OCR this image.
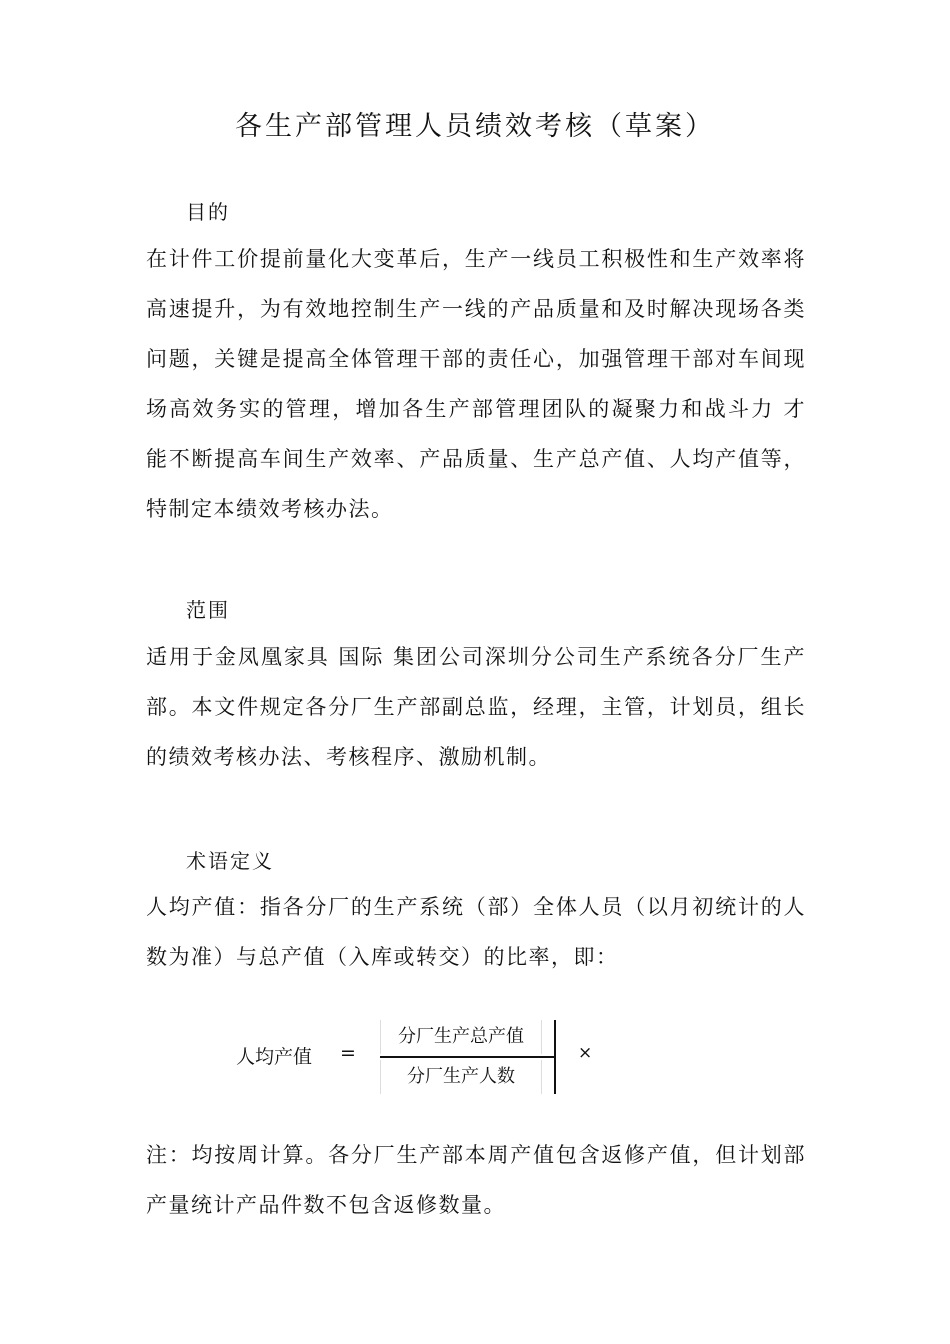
各生产部管理人员绩效考核（草案）
目的

在计件工价提前量化大变革后，生产一线员工积极性和生产效率将高速提升，为有效地控制生产一线的产品质量和及时解决现场各类问题，关键是提高全体管理干部的责任心，加强管理干部对车间现场高效务实的管理，增加各生产部管理团队的凝聚力和战斗力 才能不断提高车间生产效率、产品质量、生产总产值、人均产值等，特制定本绩效考核办法。

范围

适用于金凤凰家具 国际 集团公司深圳分公司生产系统各分厂生产部。本文件规定各分厂生产部副总监，经理，主管，计划员，组长的绩效考核办法、考核程序、激励机制。

术语定义

人均产值：指各分厂的生产系统（部）全体人员（以月初统计的人数为准）与总产值（入库或转交）的比率，即：

人均产值 =
分厂生产总产值
分厂生产人数
×

注：均按周计算。各分厂生产部本周产值包含返修产值，但计划部产量统计产品件数不包含返修数量。
